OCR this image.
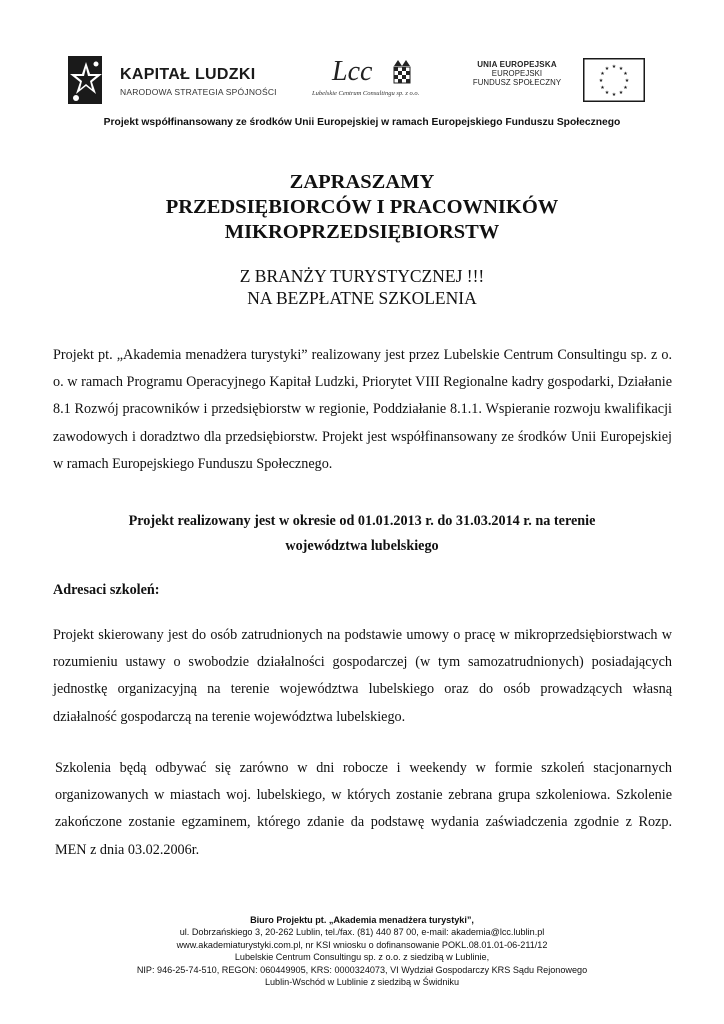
KAPITAŁ LUDZKI
NARODOWA STRATEGIA SPÓJNOŚCI
Lcc
Lubelskie Centrum Consultingu sp. z o.o.
UNIA EUROPEJSKA
EUROPEJSKI
FUNDUSZ SPOŁECZNY
★ ★
★
★
★
★
★
★
★
★
★
★
Projekt współfinansowany ze środków Unii Europejskiej w ramach Europejskiego Funduszu Społecznego
ZAPRASZAMY
PRZEDSIĘBIORCÓW I PRACOWNIKÓW
MIKROPRZEDSIĘBIORSTW
Z BRANŻY TURYSTYCZNEJ !!!
NA BEZPŁATNE SZKOLENIA
Projekt pt. „Akademia menadżera turystyki” realizowany jest przez Lubelskie Centrum Consultingu sp. z o. o. w ramach Programu Operacyjnego Kapitał Ludzki, Priorytet VIII Regionalne kadry gospodarki, Działanie 8.1 Rozwój pracowników i przedsiębiorstw w regionie, Poddziałanie 8.1.1. Wspieranie rozwoju kwalifikacji zawodowych i doradztwo dla przedsiębiorstw. Projekt jest współfinansowany ze środków Unii Europejskiej w ramach Europejskiego Funduszu Społecznego.
Projekt realizowany jest w okresie od 01.01.2013 r. do 31.03.2014 r. na terenie
województwa lubelskiego
Adresaci szkoleń:
Projekt skierowany jest do osób zatrudnionych na podstawie umowy o pracę w mikroprzedsiębiorstwach w rozumieniu ustawy o swobodzie działalności gospodarczej (w tym samozatrudnionych) posiadających jednostkę organizacyjną na terenie województwa lubelskiego oraz do osób prowadzących własną działalność gospodarczą na terenie województwa lubelskiego.
Szkolenia będą odbywać się zarówno w dni robocze i weekendy w formie szkoleń stacjonarnych organizowanych w miastach woj. lubelskiego, w których zostanie zebrana grupa szkoleniowa. Szkolenie zakończone zostanie egzaminem, którego zdanie da podstawę wydania zaświadczenia zgodnie z Rozp. MEN z dnia 03.02.2006r.
Biuro Projektu pt. „Akademia menadżera turystyki”,
ul. Dobrzańskiego 3, 20-262 Lublin, tel./fax. (81) 440 87 00, e-mail: akademia@lcc.lublin.pl
www.akademiaturystyki.com.pl, nr KSI wniosku o dofinansowanie POKL.08.01.01-06-211/12
Lubelskie Centrum Consultingu sp. z o.o. z siedzibą w Lublinie,
NIP: 946-25-74-510, REGON: 060449905, KRS: 0000324073, VI Wydział Gospodarczy KRS Sądu Rejonowego
Lublin-Wschód w Lublinie z siedzibą w Świdniku
